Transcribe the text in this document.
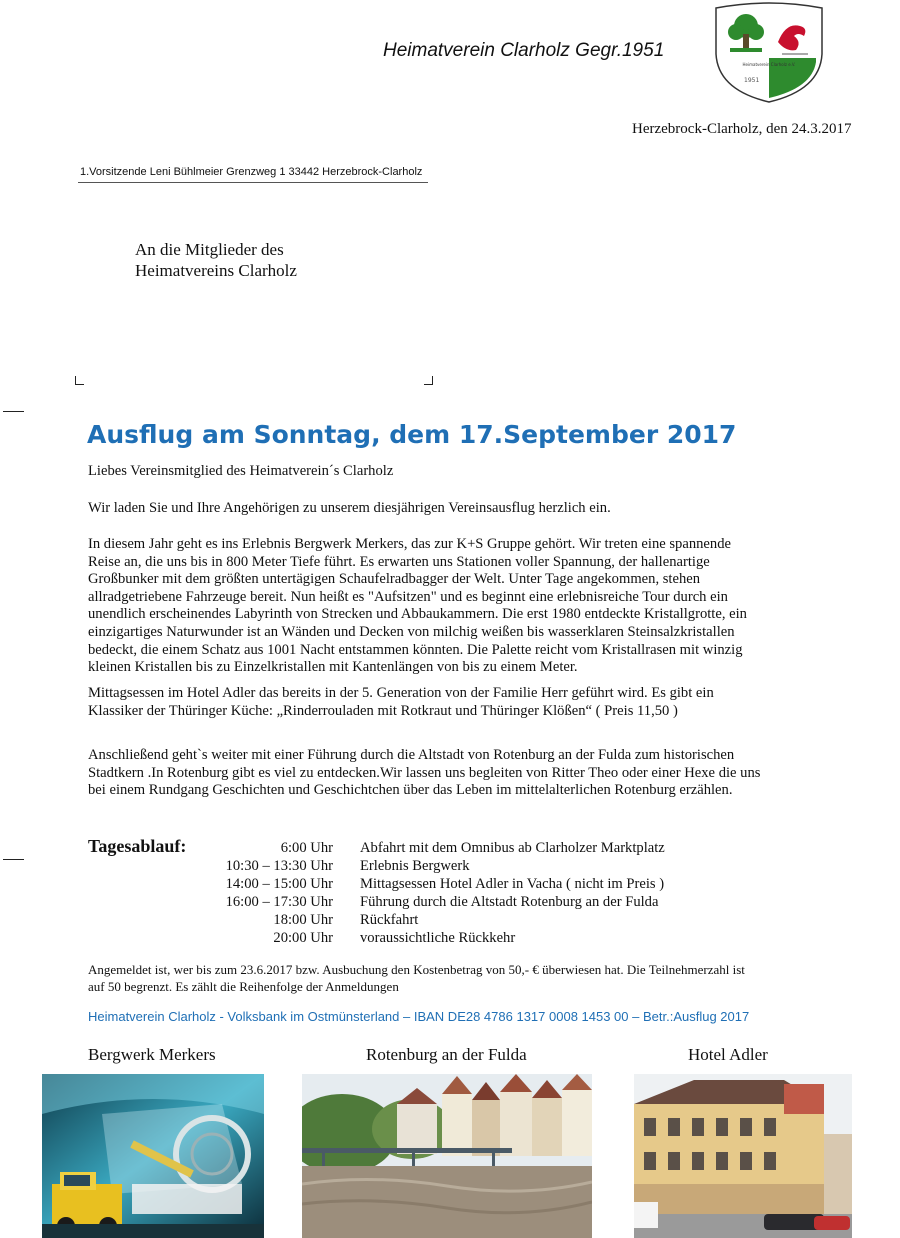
Heimatverein Clarholz Gegr.1951
Heimatverein Clarholz e.V.
1951
Herzebrock-Clarholz, den 24.3.2017
1.Vorsitzende Leni Bühlmeier Grenzweg 1 33442 Herzebrock-Clarholz
An die Mitglieder des
Heimatvereins Clarholz
Ausflug am Sonntag, dem 17.September 2017
Liebes Vereinsmitglied des Heimatverein´s Clarholz
Wir laden Sie und Ihre Angehörigen zu unserem diesjährigen Vereinsausflug herzlich ein.
In diesem Jahr geht es ins Erlebnis Bergwerk Merkers, das zur K+S Gruppe gehört. Wir treten eine spannende
Reise an, die uns bis in 800 Meter Tiefe führt. Es erwarten uns Stationen voller Spannung, der hallenartige
Großbunker mit dem größten untertägigen Schaufelradbagger der Welt. Unter Tage angekommen, stehen
allradgetriebene Fahrzeuge bereit. Nun heißt es "Aufsitzen" und es beginnt eine erlebnisreiche Tour durch ein
unendlich erscheinendes Labyrinth von Strecken und Abbaukammern. Die erst 1980 entdeckte Kristallgrotte, ein
einzigartiges Naturwunder ist an Wänden und Decken von milchig weißen bis wasserklaren Steinsalzkristallen
bedeckt, die einem Schatz aus 1001 Nacht entstammen könnten. Die Palette reicht vom Kristallrasen mit winzig
kleinen Kristallen bis zu Einzelkristallen mit Kantenlängen von bis zu einem Meter.
Mittagsessen im Hotel Adler das bereits in der 5. Generation von der Familie Herr geführt wird. Es gibt ein
Klassiker der Thüringer Küche: „Rinderrouladen mit Rotkraut und Thüringer Klößen“ ( Preis 11,50 )
Anschließend geht`s weiter mit einer Führung durch die Altstadt von Rotenburg an der Fulda zum historischen
Stadtkern .In Rotenburg gibt es viel zu entdecken.Wir lassen uns begleiten von Ritter Theo oder einer Hexe die uns
bei einem Rundgang Geschichten und Geschichtchen über das Leben im mittelalterlichen Rotenburg erzählen.
Tagesablauf:	6:00 Uhr Abfahrt mit dem Omnibus ab Clarholzer Marktplatz
10:30 – 13:30 Uhr Erlebnis Bergwerk
14:00 – 15:00 Uhr Mittagsessen Hotel Adler in Vacha ( nicht im Preis )
16:00 – 17:30 Uhr Führung durch die Altstadt Rotenburg an der Fulda
18:00 Uhr Rückfahrt
20:00 Uhr voraussichtliche Rückkehr
Angemeldet ist, wer bis zum 23.6.2017 bzw. Ausbuchung den Kostenbetrag von 50,- € überwiesen hat. Die Teilnehmerzahl ist
auf 50 begrenzt. Es zählt die Reihenfolge der Anmeldungen
Heimatverein Clarholz - Volksbank im Ostmünsterland – IBAN DE28 4786 1317 0008 1453 00 – Betr.:Ausflug 2017
Bergwerk Merkers	Rotenburg an der Fulda	Hotel Adler
